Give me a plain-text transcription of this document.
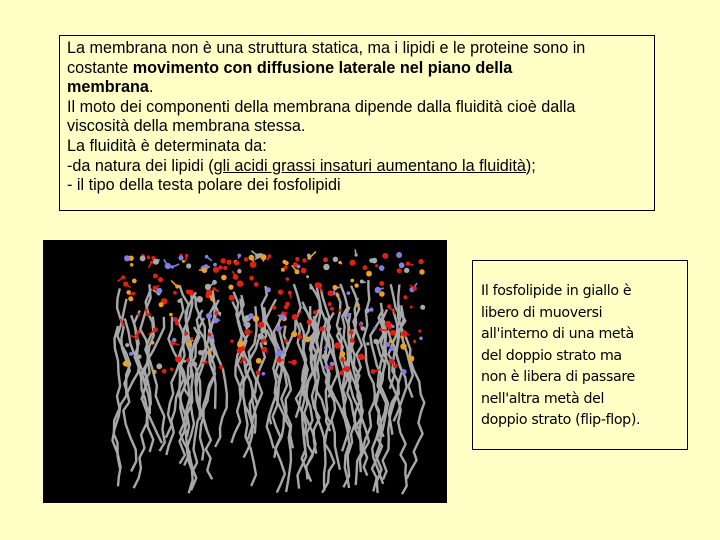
La membrana non è una struttura statica, ma i lipidi e le proteine sono in
costante movimento con diffusione laterale nel piano della
membrana.
Il moto dei componenti della membrana dipende dalla fluidità cioè dalla
viscosità della membrana stessa.
La fluidità è determinata da:
-da natura dei lipidi (gli acidi grassi insaturi aumentano la fluidità);
- il tipo della testa polare dei fosfolipidi
Il fosfolipide in giallo è
libero di muoversi
all'interno di una metà
del doppio strato ma
non è libera di passare
nell'altra metà del
doppio strato (flip-flop).
